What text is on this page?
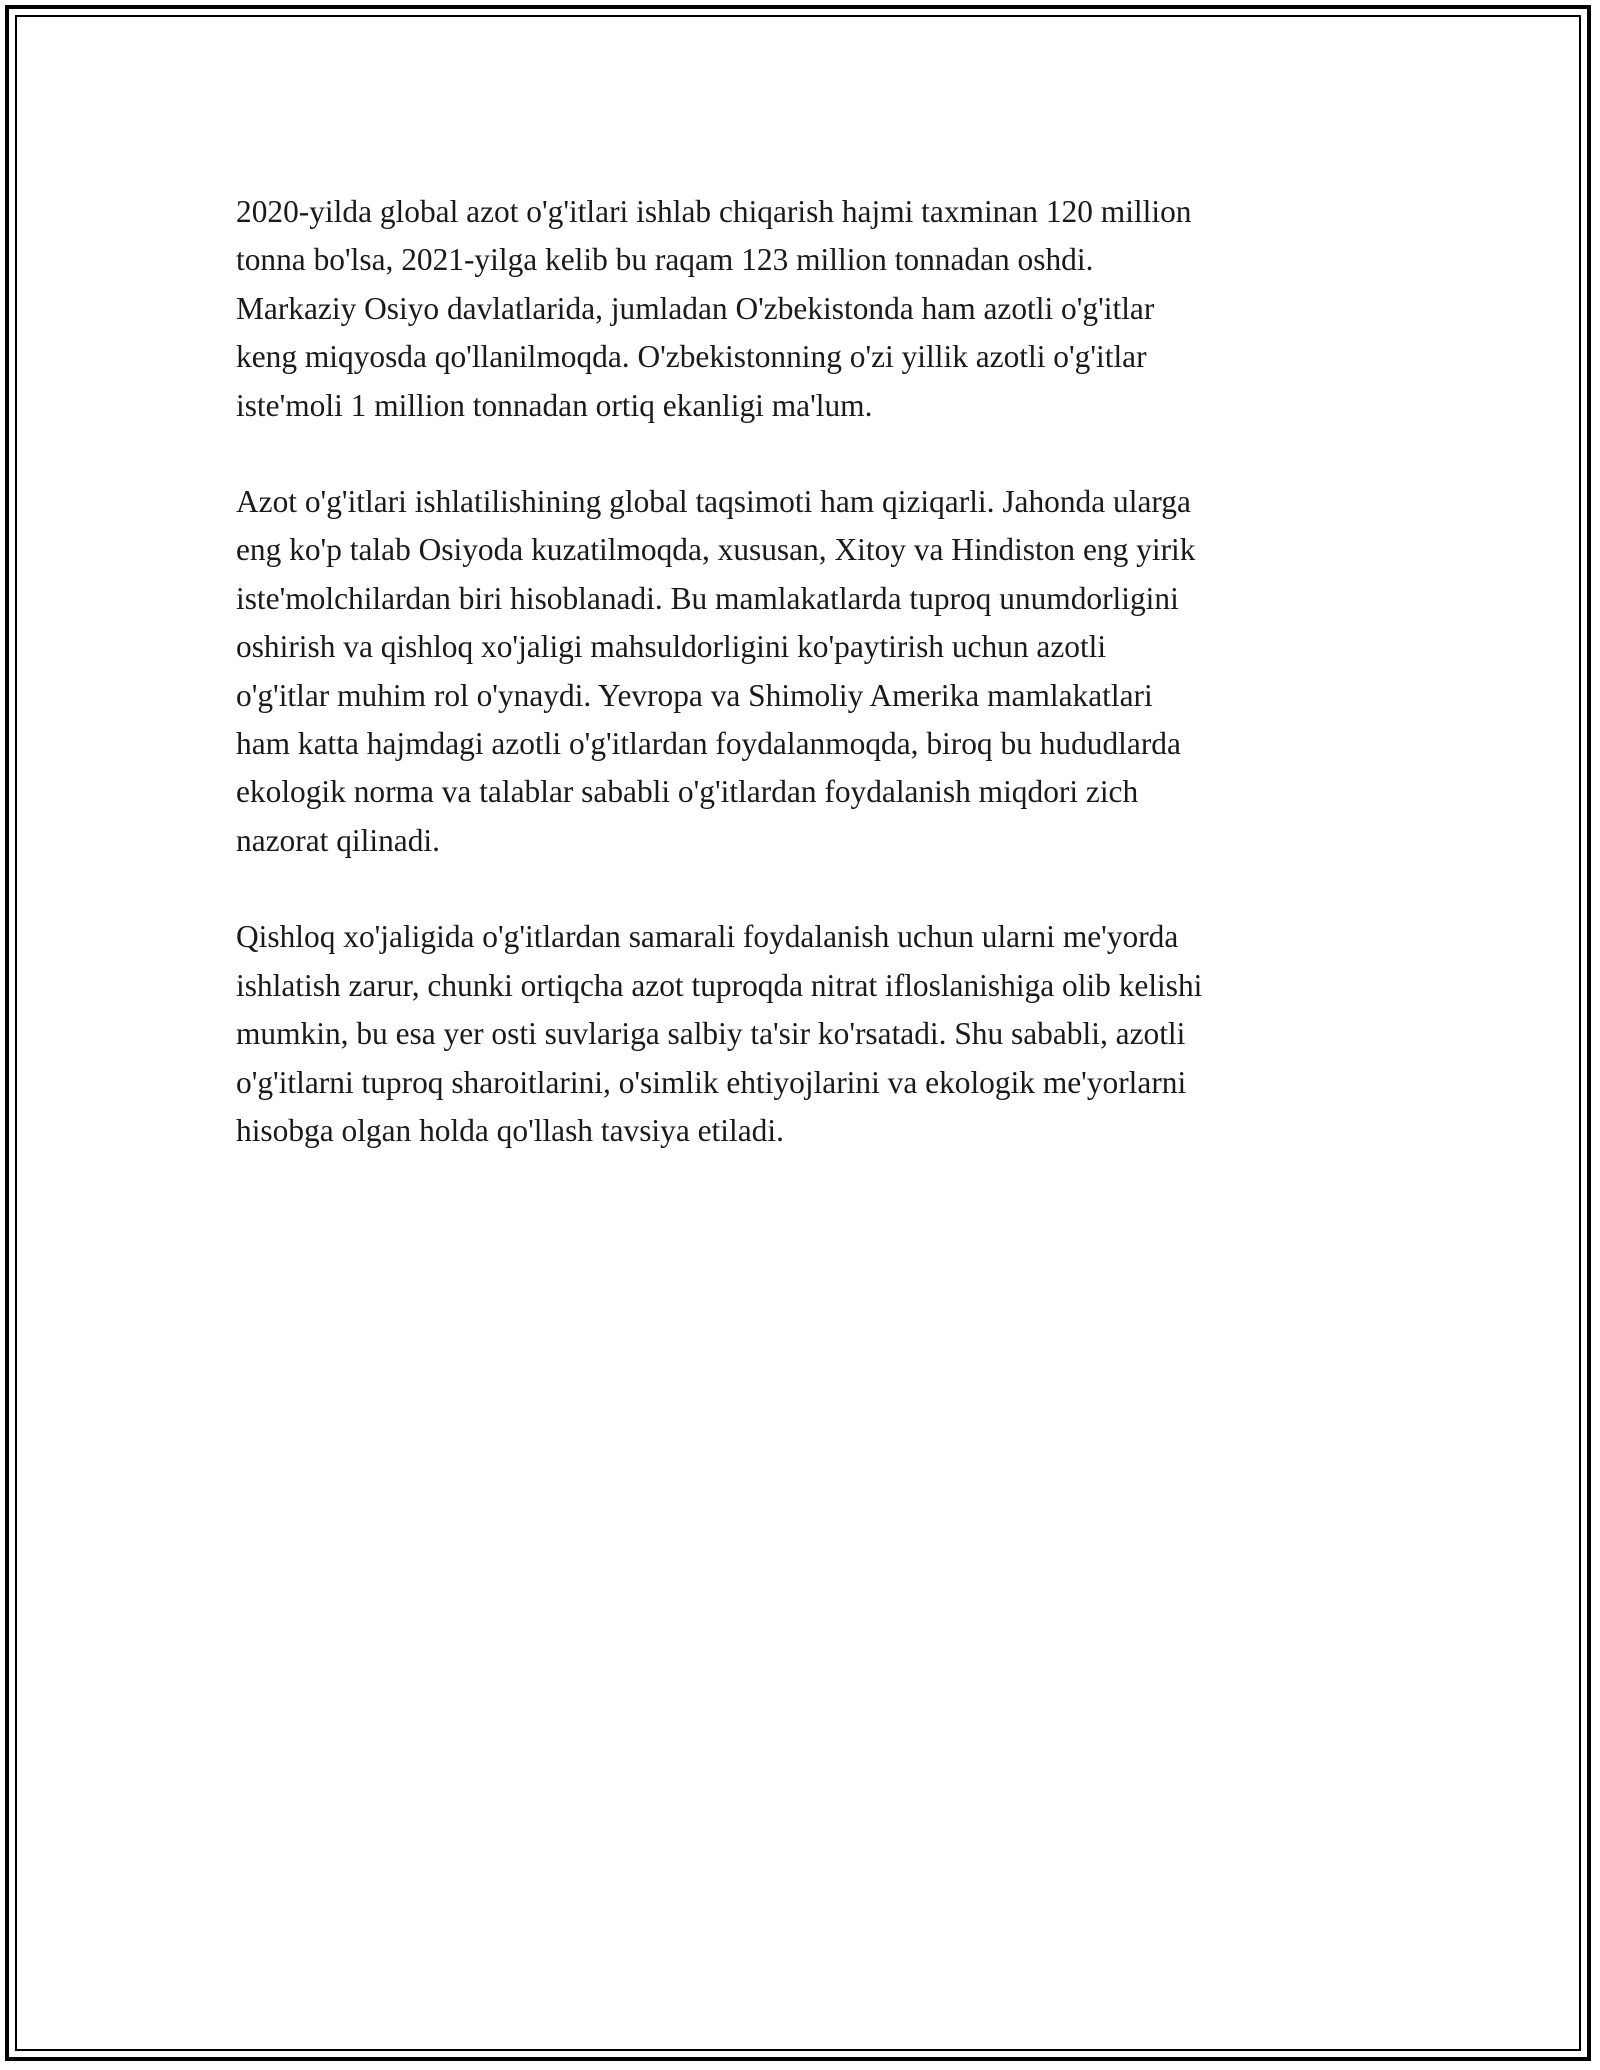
2020-yilda global azot o'g'itlari ishlab chiqarish hajmi taxminan 120 million
tonna bo'lsa, 2021-yilga kelib bu raqam 123 million tonnadan oshdi.
Markaziy Osiyo davlatlarida, jumladan O'zbekistonda ham azotli o'g'itlar
keng miqyosda qo'llanilmoqda. O'zbekistonning o'zi yillik azotli o'g'itlar
iste'moli 1 million tonnadan ortiq ekanligi ma'lum.

Azot o'g'itlari ishlatilishining global taqsimoti ham qiziqarli. Jahonda ularga
eng ko'p talab Osiyoda kuzatilmoqda, xususan, Xitoy va Hindiston eng yirik
iste'molchilardan biri hisoblanadi. Bu mamlakatlarda tuproq unumdorligini
oshirish va qishloq xo'jaligi mahsuldorligini ko'paytirish uchun azotli
o'g'itlar muhim rol o'ynaydi. Yevropa va Shimoliy Amerika mamlakatlari
ham katta hajmdagi azotli o'g'itlardan foydalanmoqda, biroq bu hududlarda
ekologik norma va talablar sababli o'g'itlardan foydalanish miqdori zich
nazorat qilinadi.

Qishloq xo'jaligida o'g'itlardan samarali foydalanish uchun ularni me'yorda
ishlatish zarur, chunki ortiqcha azot tuproqda nitrat ifloslanishiga olib kelishi
mumkin, bu esa yer osti suvlariga salbiy ta'sir ko'rsatadi. Shu sababli, azotli
o'g'itlarni tuproq sharoitlarini, o'simlik ehtiyojlarini va ekologik me'yorlarni
hisobga olgan holda qo'llash tavsiya etiladi.
